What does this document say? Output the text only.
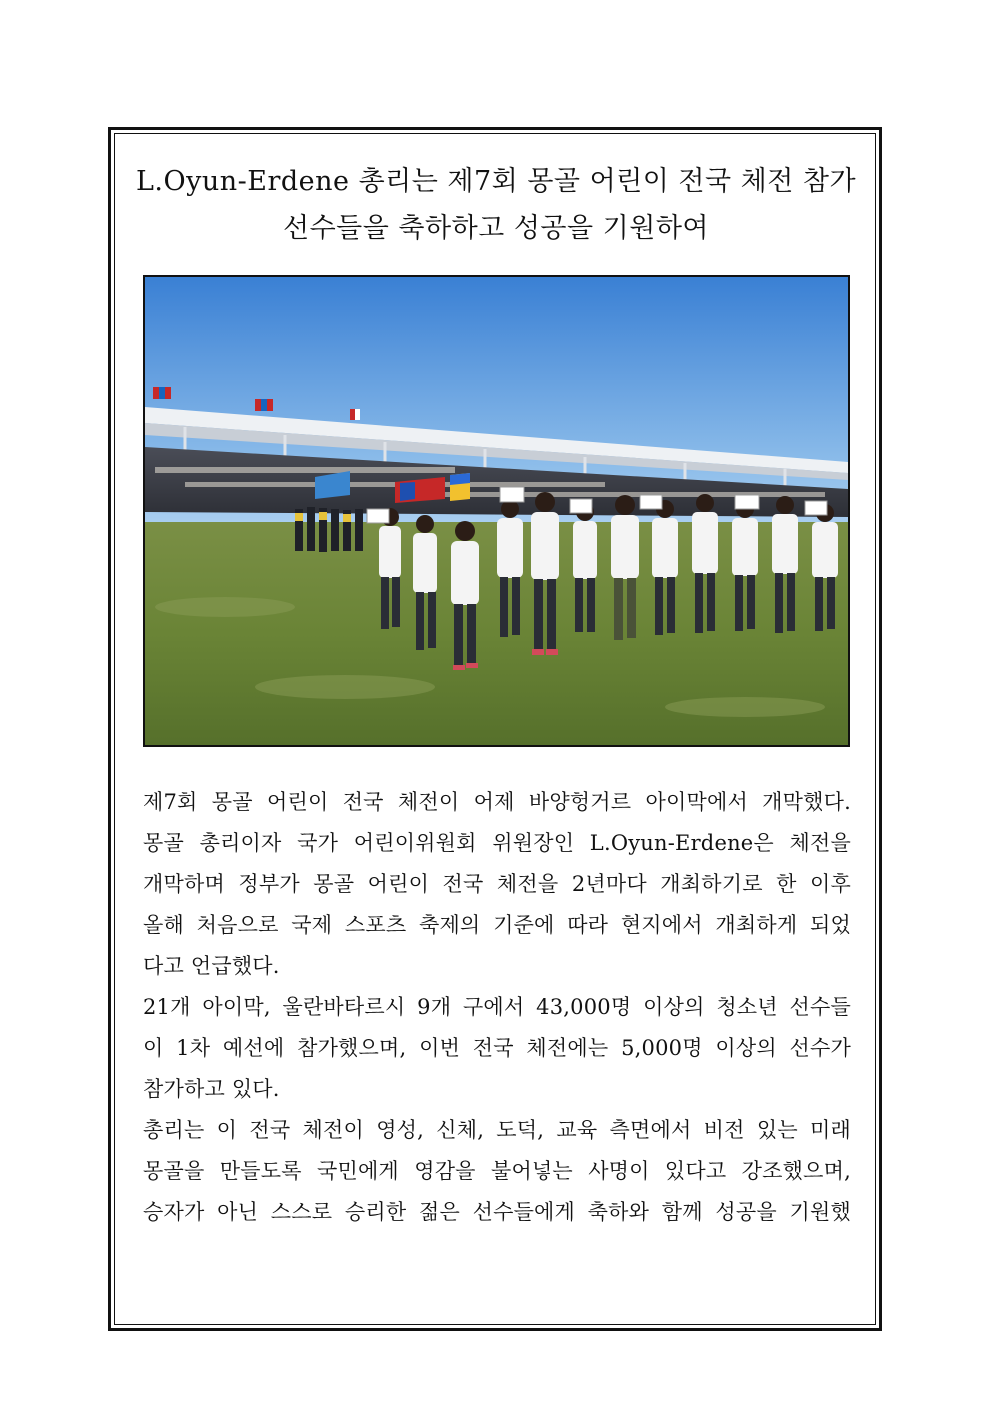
L.Oyun-Erdene 총리는 제7회 몽골 어린이 전국 체전 참가
선수들을 축하하고 성공을 기원하여

제7회 몽골 어린이 전국 체전이 어제 바양헝거르 아이막에서 개막했다.

몽골 총리이자 국가 어린이위원회 위원장인 L.Oyun-Erdene은 체전을

개막하며 정부가 몽골 어린이 전국 체전을 2년마다 개최하기로 한 이후

올해 처음으로 국제 스포츠 축제의 기준에 따라 현지에서 개최하게 되었

다고 언급했다.

21개 아이막, 울란바타르시 9개 구에서 43,000명 이상의 청소년 선수들

이 1차 예선에 참가했으며, 이번 전국 체전에는 5,000명 이상의 선수가

참가하고 있다.

총리는 이 전국 체전이 영성, 신체, 도덕, 교육 측면에서 비전 있는 미래

몽골을 만들도록 국민에게 영감을 불어넣는 사명이 있다고 강조했으며,

승자가 아닌 스스로 승리한 젊은 선수들에게 축하와 함께 성공을 기원했
